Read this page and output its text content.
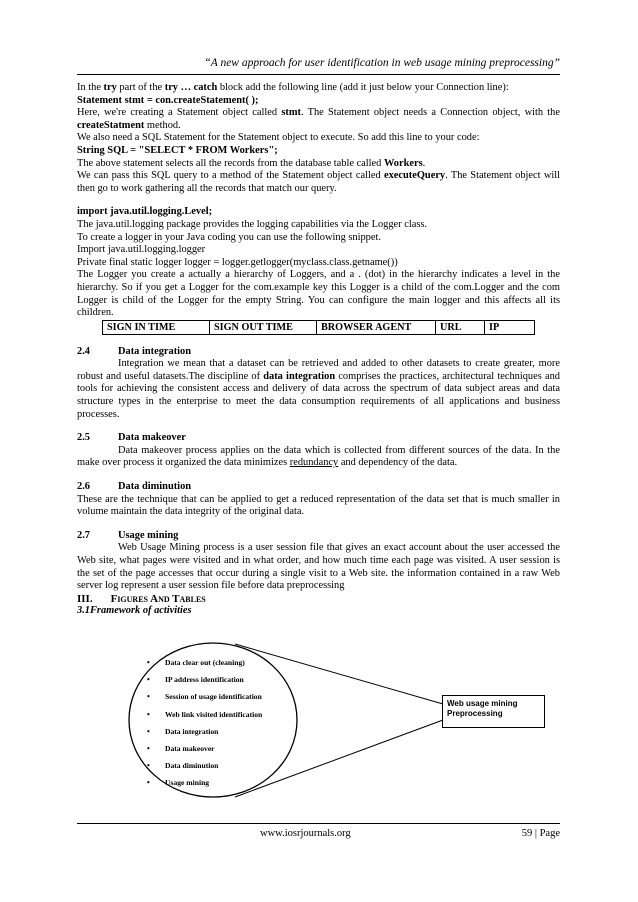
“A new approach for user identification in web usage mining preprocessing”

In the try part of the try … catch block add the following line (add it just below your Connection line):

Statement stmt = con.createStatement( );

Here, we're creating a Statement object called stmt. The Statement object needs a Connection object, with the createStatment method.

We also need a SQL Statement for the Statement object to execute. So add this line to your code:

String SQL = "SELECT * FROM Workers";

The above statement selects all the records from the database table called Workers.

We can pass this SQL query to a method of the Statement object called executeQuery. The Statement object will then go to work gathering all the records that match our query.

import java.util.logging.Level;

The java.util.logging package provides the logging capabilities via the Logger class.

To create a logger in your Java coding you can use the following snippet.

Import java.util.logging.logger

Private final static logger logger = logger.getlogger(myclass.class.getname())

The Logger you create a actually a hierarchy of Loggers, and a . (dot) in the hierarchy indicates a level in the hierarchy. So if you get a Logger for the com.example key this Logger is a child of the com.Logger and the com Logger is child of the Logger for the empty String. You can configure the main logger and this affects all its children.

SIGN IN TIME	SIGN OUT TIME	BROWSER AGENT	URL	IP

2.4	Data integration

Integration we mean that a dataset can be retrieved and added to other datasets to create greater, more robust and useful datasets.The discipline of data integration comprises the practices, architectural techniques and tools for achieving the consistent access and delivery of data across the spectrum of data subject areas and data structure types in the enterprise to meet the data consumption requirements of all applications and business processes.

2.5	Data makeover

Data makeover process applies on the data which is collected from different sources of the data. In the make over process it organized the data minimizes redundancy and dependency of the data.

2.6	Data diminution

These are the technique that can be applied to get a reduced representation of the data set that is much smaller in volume maintain the data integrity of the original data.

2.7	Usage mining

Web Usage Mining process is a user session file that gives an exact account about the user accessed the Web site, what pages were visited and in what order, and how much time each page was visited. A user session is the set of the page accesses that occur during a single visit to a Web site. the information contained in a raw Web server log represent a user session file before data preprocessing

III. Figures And Tables

3.1Framework of activities

• Data clear out (cleaning)
• IP address identification
• Session of usage identification
• Web link visited identification
• Data integration
• Data makeover
• Data diminution
• Usage mining
Web usage mining
Preprocessing
www.iosrjournals.org	59 | Page
